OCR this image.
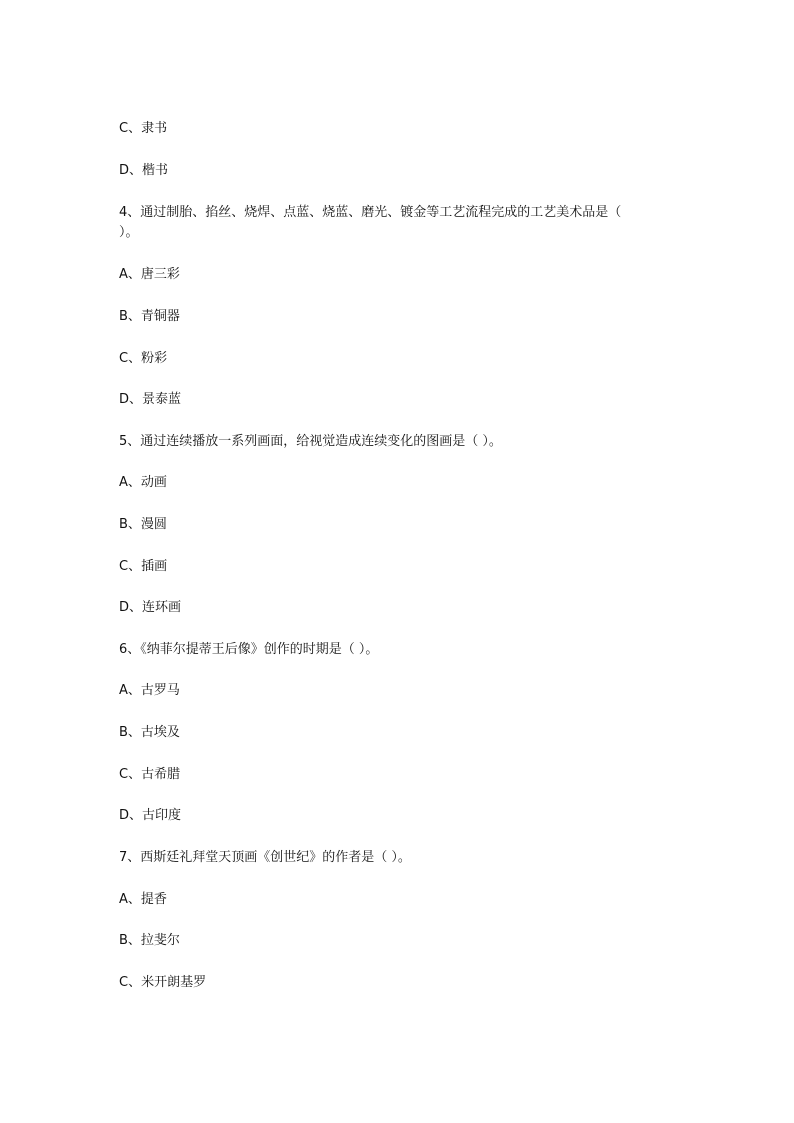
C、隶书
D、楷书
4、通过制胎、掐丝、烧焊、点蓝、烧蓝、磨光、镀金等工艺流程完成的工艺美术品是（
）。
A、唐三彩
B、青铜器
C、粉彩
D、景泰蓝
5、通过连续播放一系列画面，给视觉造成连续变化的图画是（ ）。
A、动画
B、漫圆
C、插画
D、连环画
6、《纳菲尔提蒂王后像》创作的时期是（ ）。
A、古罗马
B、古埃及
C、古希腊
D、古印度
7、西斯廷礼拜堂天顶画《创世纪》的作者是（ ）。
A、提香
B、拉斐尔
C、米开朗基罗
